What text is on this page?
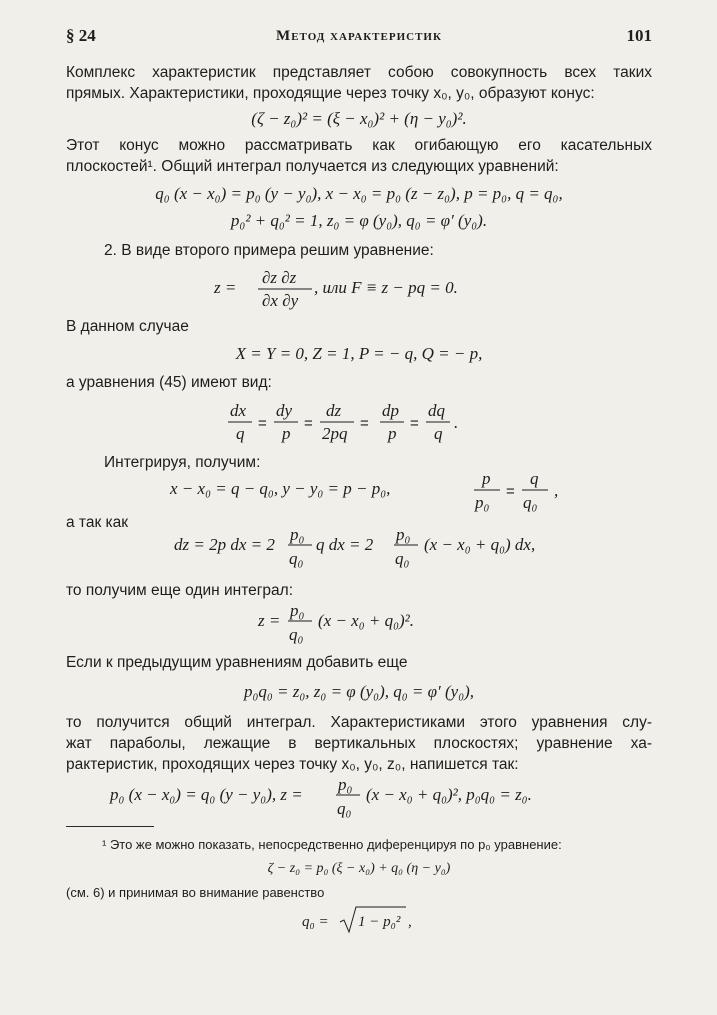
§ 24	Метод характеристик	101
Комплекс характеристик представляет собою совокупность всех таких
прямых. Характеристики, проходящие через точку x₀, y₀, образуют конус:
(ζ − z₀)² = (ξ − x₀)² + (η − y₀)².
Этот конус можно рассматривать как огибающую его касательных
плоскостей¹. Общий интеграл получается из следующих уравнений:
q₀ (x − x₀) = p₀ (y − y₀), x − x₀ = p₀ (z − z₀), p = p₀, q = q₀,
p₀² + q₀² = 1, z₀ = φ (y₀), q₀ = φ′ (y₀).
2. В виде второго примера решим уравнение:
z =
∂z ∂z
∂x ∂y
, или F ≡ z − pq = 0.
В данном случае
X = Y = 0, Z = 1, P = − q, Q = − p,
а уравнения (45) имеют вид:
dx
q
=
dy
p
=
dz
2pq
=
dp
p
=
dq
q
.
Интегрируя, получим:
x − x₀ = q − q₀, y − y₀ = p − p₀,
p
p₀
=
q
q₀
,
а так как
dz = 2p dx = 2
p₀
q₀
q dx = 2
p₀
q₀
(x − x₀ + q₀) dx,
то получим еще один интеграл:
z =
p₀
q₀
(x − x₀ + q₀)².
Если к предыдущим уравнениям добавить еще
p₀q₀ = z₀, z₀ = φ (y₀), q₀ = φ′ (y₀),
то получится общий интеграл. Характеристиками этого уравнения слу-
жат параболы, лежащие в вертикальных плоскостях; уравнение ха-
рактеристик, проходящих через точку x₀, y₀, z₀, напишется так:
p₀ (x − x₀) = q₀ (y − y₀), z =
p₀
q₀
(x − x₀ + q₀)², p₀q₀ = z₀.
¹ Это же можно показать, непосредственно диференцируя по p₀ уравнение:
ζ − z₀ = p₀ (ξ − x₀) + q₀ (η − y₀)
(см. 6) и принимая во внимание равенство
q₀ = 1 − p₀² ,
